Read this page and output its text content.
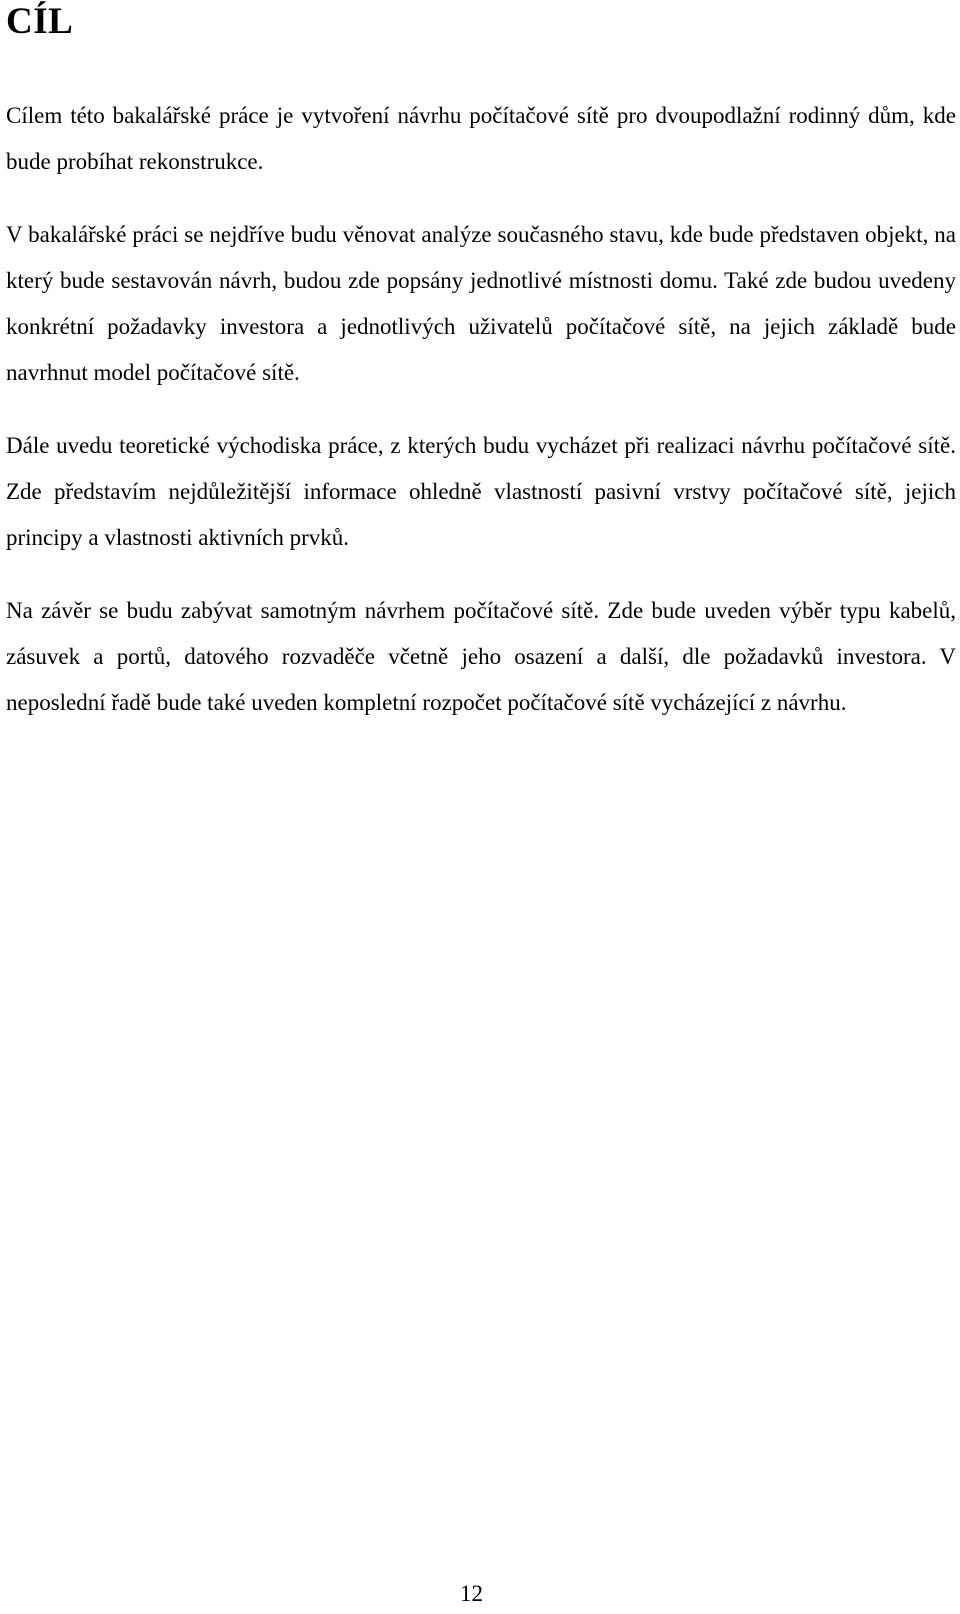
CÍL

Cílem této bakalářské práce je vytvoření návrhu počítačové sítě pro dvoupodlažní rodinný dům, kde bude probíhat rekonstrukce.

V bakalářské práci se nejdříve budu věnovat analýze současného stavu, kde bude představen objekt, na který bude sestavován návrh, budou zde popsány jednotlivé místnosti domu. Také zde budou uvedeny konkrétní požadavky investora a jednotlivých uživatelů počítačové sítě, na jejich základě bude navrhnut model počítačové sítě.

Dále uvedu teoretické východiska práce, z kterých budu vycházet při realizaci návrhu počítačové sítě. Zde představím nejdůležitější informace ohledně vlastností pasivní vrstvy počítačové sítě, jejich principy a vlastnosti aktivních prvků.

Na závěr se budu zabývat samotným návrhem počítačové sítě. Zde bude uveden výběr typu kabelů, zásuvek a portů, datového rozvaděče včetně jeho osazení a další, dle požadavků investora. V neposlední řadě bude také uveden kompletní rozpočet počítačové sítě vycházející z návrhu.

12
